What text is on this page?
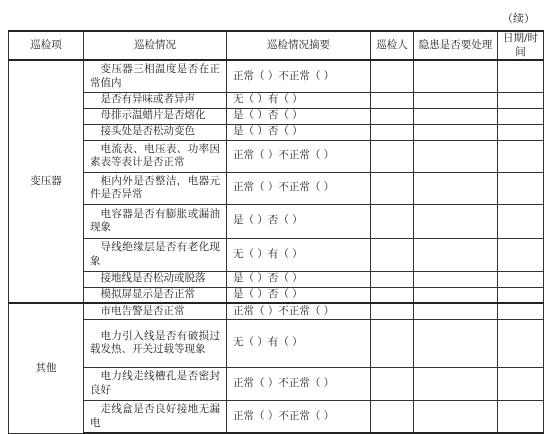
（续）
巡检项	巡检情况	巡检情况摘要	巡检人	隐患是否要处理	日期/时间
变压器	变压器三相温度是否在正常值内	正常（ ）不正常（ ）			
	是否有异味或者异声	无（ ）有（ ）			
	母排示温蜡片是否熔化	是（ ）否（ ）			
	接头处是否松动变色	是（ ）否（ ）			
	电流表、电压表、功率因素表等表计是否正常	正常（ ）不正常（ ）			
	柜内外是否整洁，电器元件是否异常	正常（ ）不正常（ ）			
	电容器是否有膨胀或漏油现象	是（ ）否（ ）			
	导线绝缘层是否有老化现象	无（ ）有（ ）			
	接地线是否松动或脱落	是（ ）否（ ）			
	模拟屏显示是否正常	是（ ）否（ ）			
其他	市电告警是否正常	正常（ ）不正常（ ）			
	电力引入线是否有破损过载发热、开关过载等现象	无（ ）有（ ）			
	电力线走线槽孔是否密封良好	正常（ ）不正常（ ）			
	走线盒是否良好接地无漏电	正常（ ）不正常（ ）			
